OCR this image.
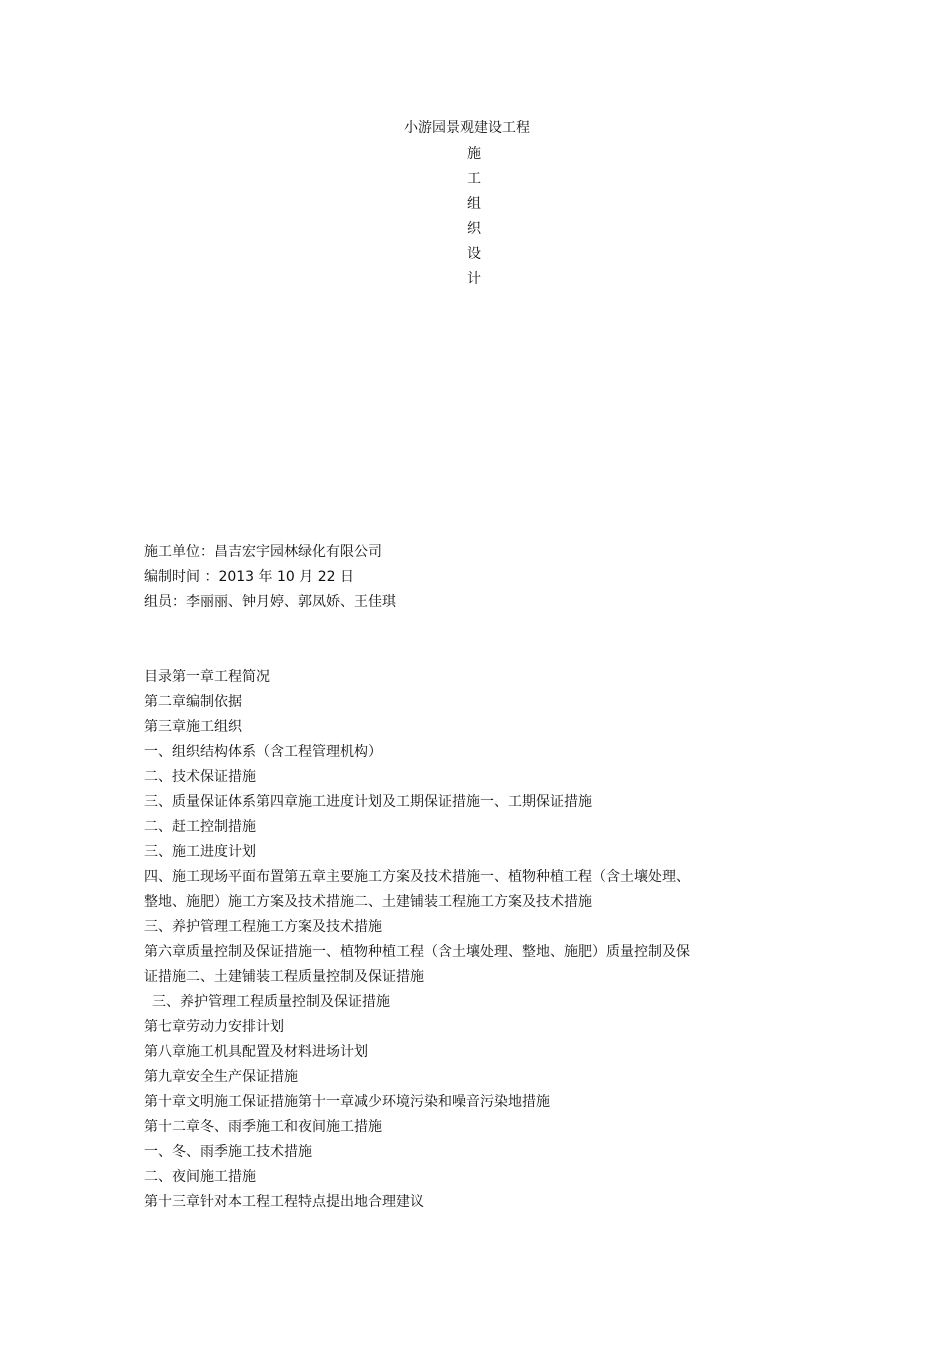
小游园景观建设工程
施
工
组
织
设
计
施工单位：昌吉宏宇园林绿化有限公司
编制时间 ：2013 年 10 月 22 日
组员：李丽丽、钟月婷、郭凤娇、王佳琪
目录第一章工程简况
第二章编制依据
第三章施工组织
一、组织结构体系（含工程管理机构）
二、技术保证措施
三、质量保证体系第四章施工进度计划及工期保证措施一、工期保证措施
二、赶工控制措施
三、施工进度计划
四、施工现场平面布置第五章主要施工方案及技术措施一、植物种植工程（含土壤处理、
整地、施肥）施工方案及技术措施二、土建铺装工程施工方案及技术措施
三、养护管理工程施工方案及技术措施
第六章质量控制及保证措施一、植物种植工程（含土壤处理、整地、施肥）质量控制及保
证措施二、土建铺装工程质量控制及保证措施
三、养护管理工程质量控制及保证措施
第七章劳动力安排计划
第八章施工机具配置及材料进场计划
第九章安全生产保证措施
第十章文明施工保证措施第十一章减少环境污染和噪音污染地措施
第十二章冬、雨季施工和夜间施工措施
一、冬、雨季施工技术措施
二、夜间施工措施
第十三章针对本工程工程特点提出地合理建议
